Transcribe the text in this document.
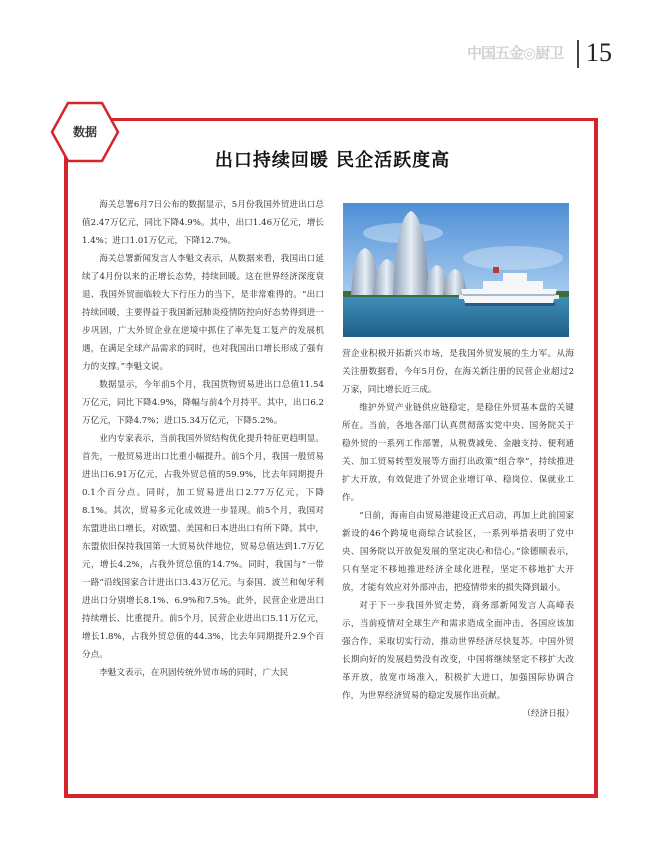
中国五金◎厨卫 15
数据
出口持续回暖 民企活跃度高

海关总署6月7日公布的数据显示，5月份我国外贸进出口总值2.47万亿元，同比下降4.9%。其中，出口1.46万亿元，增长1.4%；进口1.01万亿元，下降12.7%。

海关总署新闻发言人李魁文表示，从数据来看，我国出口延续了4月份以来的正增长态势，持续回暖。这在世界经济深度衰退、我国外贸面临较大下行压力的当下，是非常难得的。“出口持续回暖，主要得益于我国新冠肺炎疫情防控向好态势得到进一步巩固，广大外贸企业在逆境中抓住了率先复工复产的发展机遇，在满足全球产品需求的同时，也对我国出口增长形成了强有力的支撑。”李魁文说。

数据显示，今年前5个月，我国货物贸易进出口总值11.54万亿元，同比下降4.9%，降幅与前4个月持平。其中，出口6.2万亿元，下降4.7%；进口5.34万亿元，下降5.2%。

业内专家表示，当前我国外贸结构优化提升特征更趋明显。首先，一般贸易进出口比重小幅提升。前5个月，我国一般贸易进出口6.91万亿元，占我外贸总值的59.9%，比去年同期提升0.1个百分点。同时，加工贸易进出口2.77万亿元，下降8.1%。其次，贸易多元化成效进一步显现。前5个月，我国对东盟进出口增长，对欧盟、美国和日本进出口有所下降。其中，东盟依旧保持我国第一大贸易伙伴地位，贸易总值达到1.7万亿元，增长4.2%，占我外贸总值的14.7%。同时，我国与“一带一路”沿线国家合计进出口3.43万亿元。与泰国、波兰和匈牙利进出口分别增长8.1%、6.9%和7.5%。此外，民营企业进出口持续增长、比重提升。前5个月，民营企业进出口5.11万亿元，增长1.8%，占我外贸总值的44.3%，比去年同期提升2.9个百分点。

李魁文表示，在巩固传统外贸市场的同时，广大民

营企业积极开拓新兴市场，是我国外贸发展的生力军。从海关注册数据看，今年5月份，在海关新注册的民营企业超过2万家，同比增长近三成。

维护外贸产业链供应链稳定，是稳住外贸基本盘的关键所在。当前，各地各部门认真贯彻落实党中央、国务院关于稳外贸的一系列工作部署，从税费减免、金融支持、便利通关、加工贸易转型发展等方面打出政策“组合拳”，持续推进扩大开放，有效促进了外贸企业增订单、稳岗位、保就业工作。

“日前，海南自由贸易港建设正式启动，再加上此前国家新设的46个跨境电商综合试验区，一系列举措表明了党中央、国务院以开放促发展的坚定决心和信心。”徐德顺表示，只有坚定不移地推进经济全球化进程，坚定不移地扩大开放，才能有效应对外部冲击，把疫情带来的损失降到最小。

对于下一步我国外贸走势，商务部新闻发言人高峰表示，当前疫情对全球生产和需求造成全面冲击，各国应该加强合作，采取切实行动，推动世界经济尽快复苏。中国外贸长期向好的发展趋势没有改变，中国将继续坚定不移扩大改革开放，放宽市场准入，积极扩大进口，加强国际协调合作，为世界经济贸易的稳定发展作出贡献。
（经济日报）
